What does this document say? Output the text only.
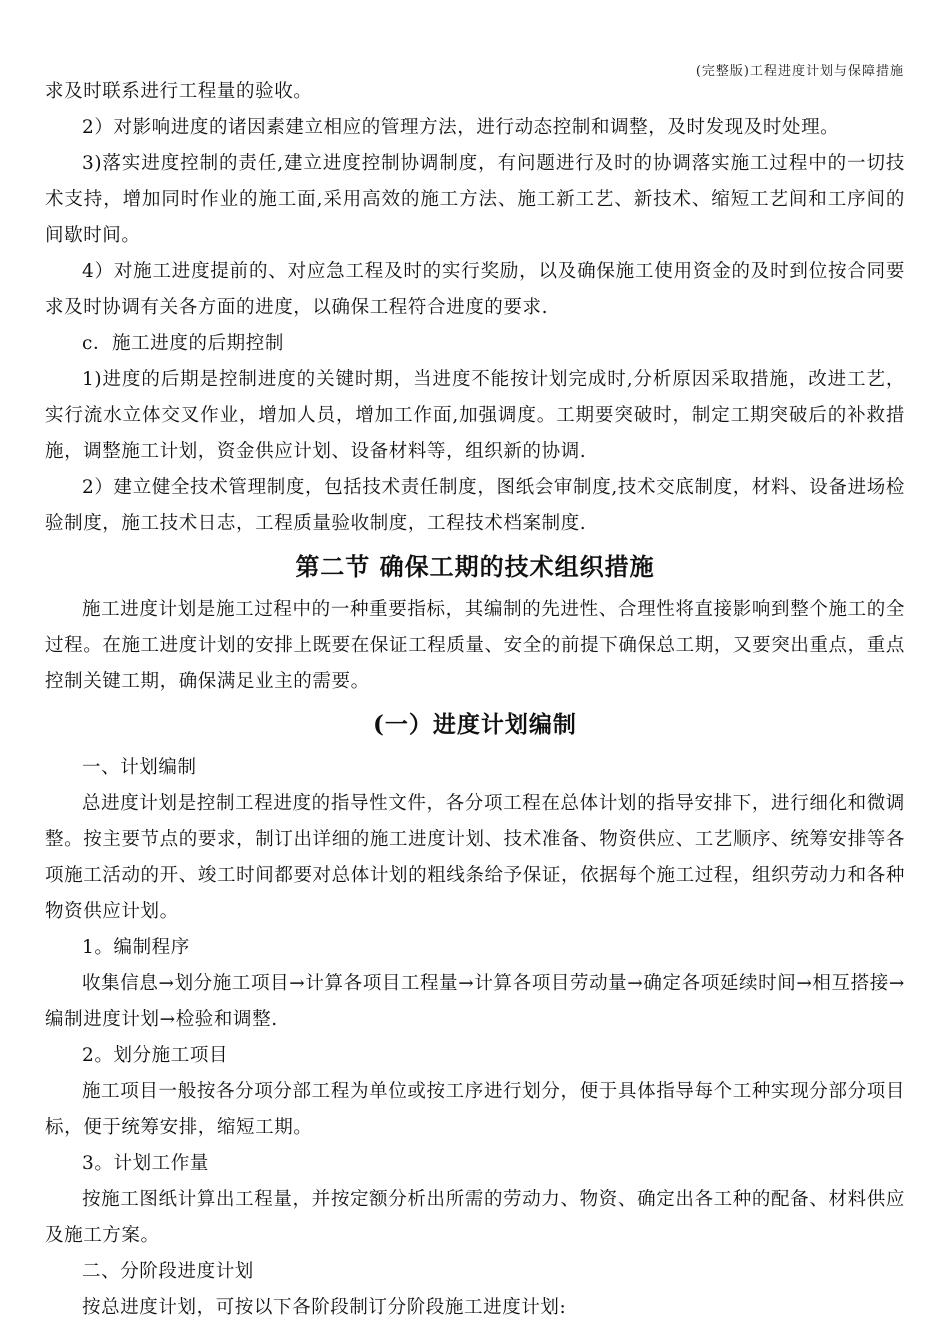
(完整版)工程进度计划与保障措施

求及时联系进行工程量的验收。

2）对影响进度的诸因素建立相应的管理方法，进行动态控制和调整，及时发现及时处理。

3)落实进度控制的责任,建立进度控制协调制度，有问题进行及时的协调落实施工过程中的一切技术支持，增加同时作业的施工面,采用高效的施工方法、施工新工艺、新技术、缩短工艺间和工序间的间歇时间。

4）对施工进度提前的、对应急工程及时的实行奖励，以及确保施工使用资金的及时到位按合同要求及时协调有关各方面的进度，以确保工程符合进度的要求.

c．施工进度的后期控制

1)进度的后期是控制进度的关键时期，当进度不能按计划完成时,分析原因采取措施，改进工艺，实行流水立体交叉作业，增加人员，增加工作面,加强调度。工期要突破时，制定工期突破后的补救措施，调整施工计划，资金供应计划、设备材料等，组织新的协调.

2）建立健全技术管理制度，包括技术责任制度，图纸会审制度,技术交底制度，材料、设备进场检验制度，施工技术日志，工程质量验收制度，工程技术档案制度.

第二节 确保工期的技术组织措施

施工进度计划是施工过程中的一种重要指标，其编制的先进性、合理性将直接影响到整个施工的全过程。在施工进度计划的安排上既要在保证工程质量、安全的前提下确保总工期，又要突出重点，重点控制关键工期，确保满足业主的需要。

(一）进度计划编制

一、计划编制

总进度计划是控制工程进度的指导性文件，各分项工程在总体计划的指导安排下，进行细化和微调整。按主要节点的要求，制订出详细的施工进度计划、技术准备、物资供应、工艺顺序、统筹安排等各项施工活动的开、竣工时间都要对总体计划的粗线条给予保证，依据每个施工过程，组织劳动力和各种物资供应计划。

1。编制程序

收集信息→划分施工项目→计算各项目工程量→计算各项目劳动量→确定各项延续时间→相互搭接→编制进度计划→检验和调整.

2。划分施工项目

施工项目一般按各分项分部工程为单位或按工序进行划分，便于具体指导每个工种实现分部分项目标，便于统筹安排，缩短工期。

3。计划工作量

按施工图纸计算出工程量，并按定额分析出所需的劳动力、物资、确定出各工种的配备、材料供应及施工方案。

二、分阶段进度计划

按总进度计划，可按以下各阶段制订分阶段施工进度计划:
